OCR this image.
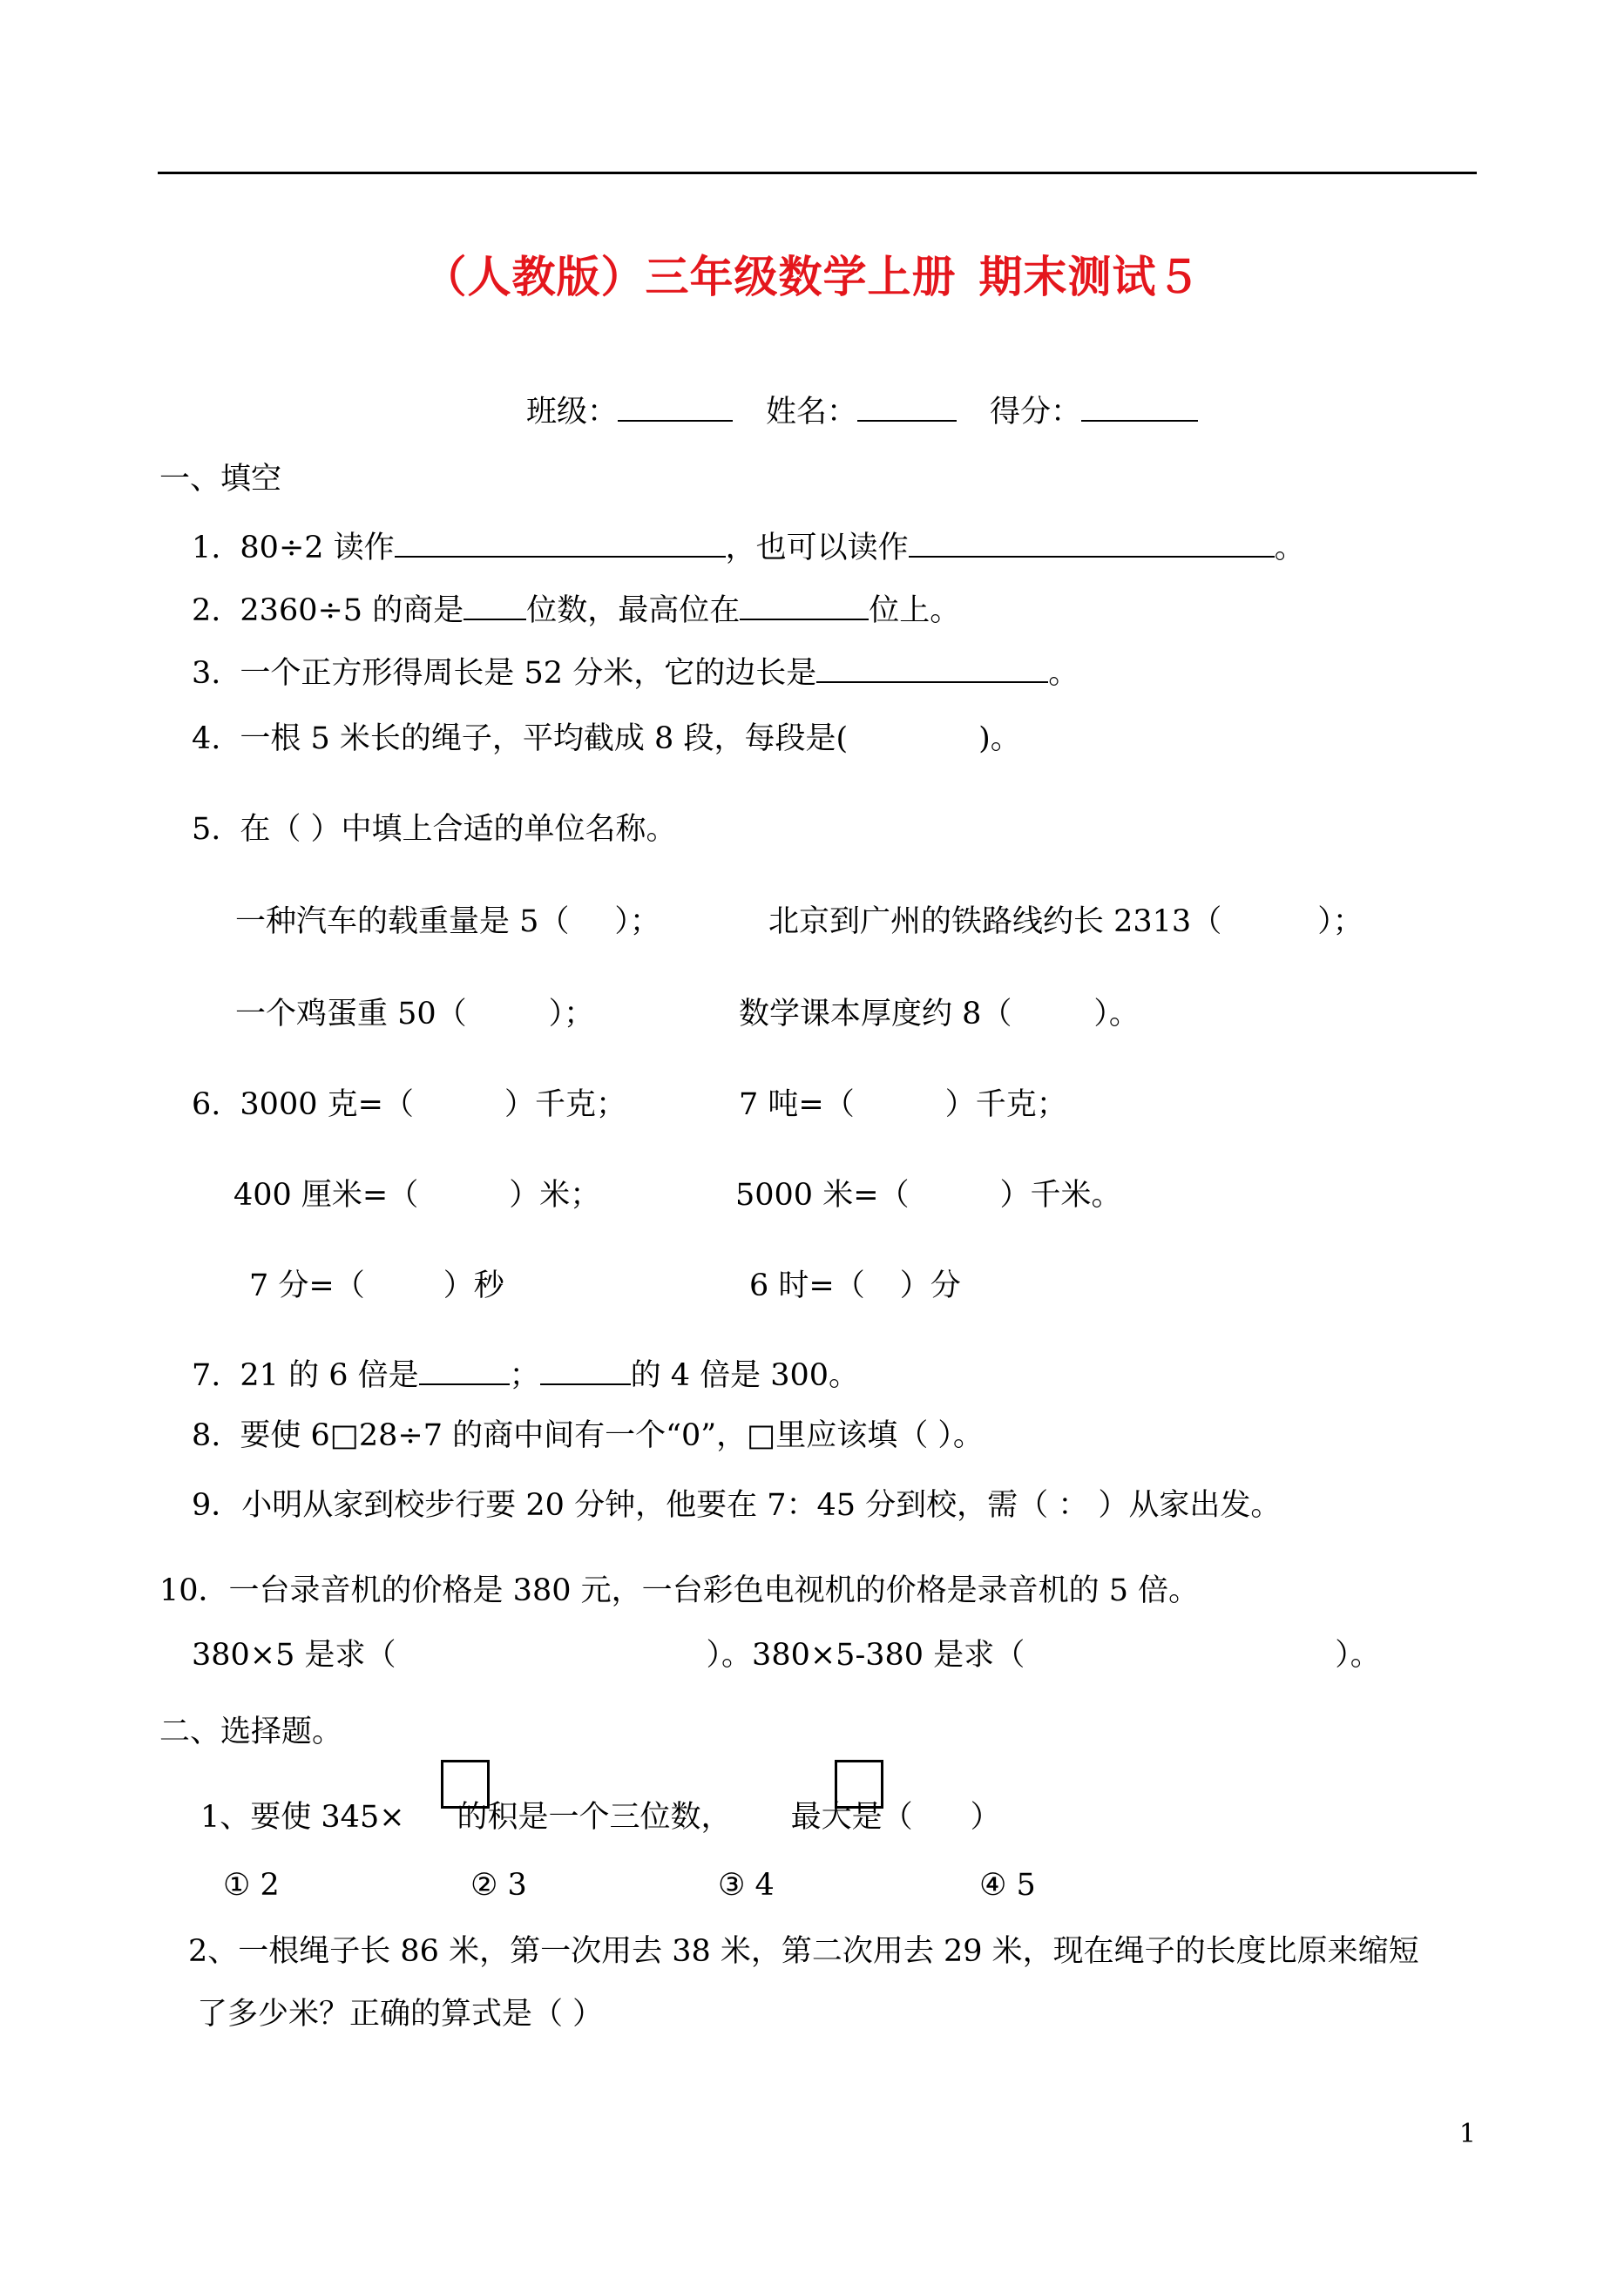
（人教版）三年级数学上册 期末测试５
班级：	姓名：	得分：
一、填空
1. 80÷2 读作	，也可以读作	。
2. 2360÷5 的商是 位数，最高位在	位上。
3. 一个正方形得周长是 52 分米，它的边长是	。
4. 一根 5 米长的绳子，平均截成 8 段，每段是(	)。
5. 在（ ）中填上合适的单位名称。
一种汽车的载重量是 5（ ）；	北京到广州的铁路线约长 2313（	）；
一个鸡蛋重 50（	）；	数学课本厚度约 8（	）。
6. 3000 克=（	）千克；	7 吨=（	）千克；
400 厘米=（	）米；	5000 米=（	）千米。
7 分=（	）秒	6 时=（ ）分
7. 21 的 6 倍是	；	的 4 倍是 300。
8. 要使 6□28÷7 的商中间有一个“0”，□里应该填（ ）。
9．小明从家到校步行要 20 分钟，他要在 7：45 分到校，需（ ： ）从家出发。
10．一台录音机的价格是 380 元，一台彩色电视机的价格是录音机的 5 倍。
380×5 是求（	）。380×5-380 是求（	）。
二、选择题。
1、要使 345× 的积是一个三位数， 最大是（ ）
① 2	② 3	③ 4	④ 5
2、一根绳子长 86 米，第一次用去 38 米，第二次用去 29 米，现在绳子的长度比原来缩短
了多少米？正确的算式是（ ）
1
